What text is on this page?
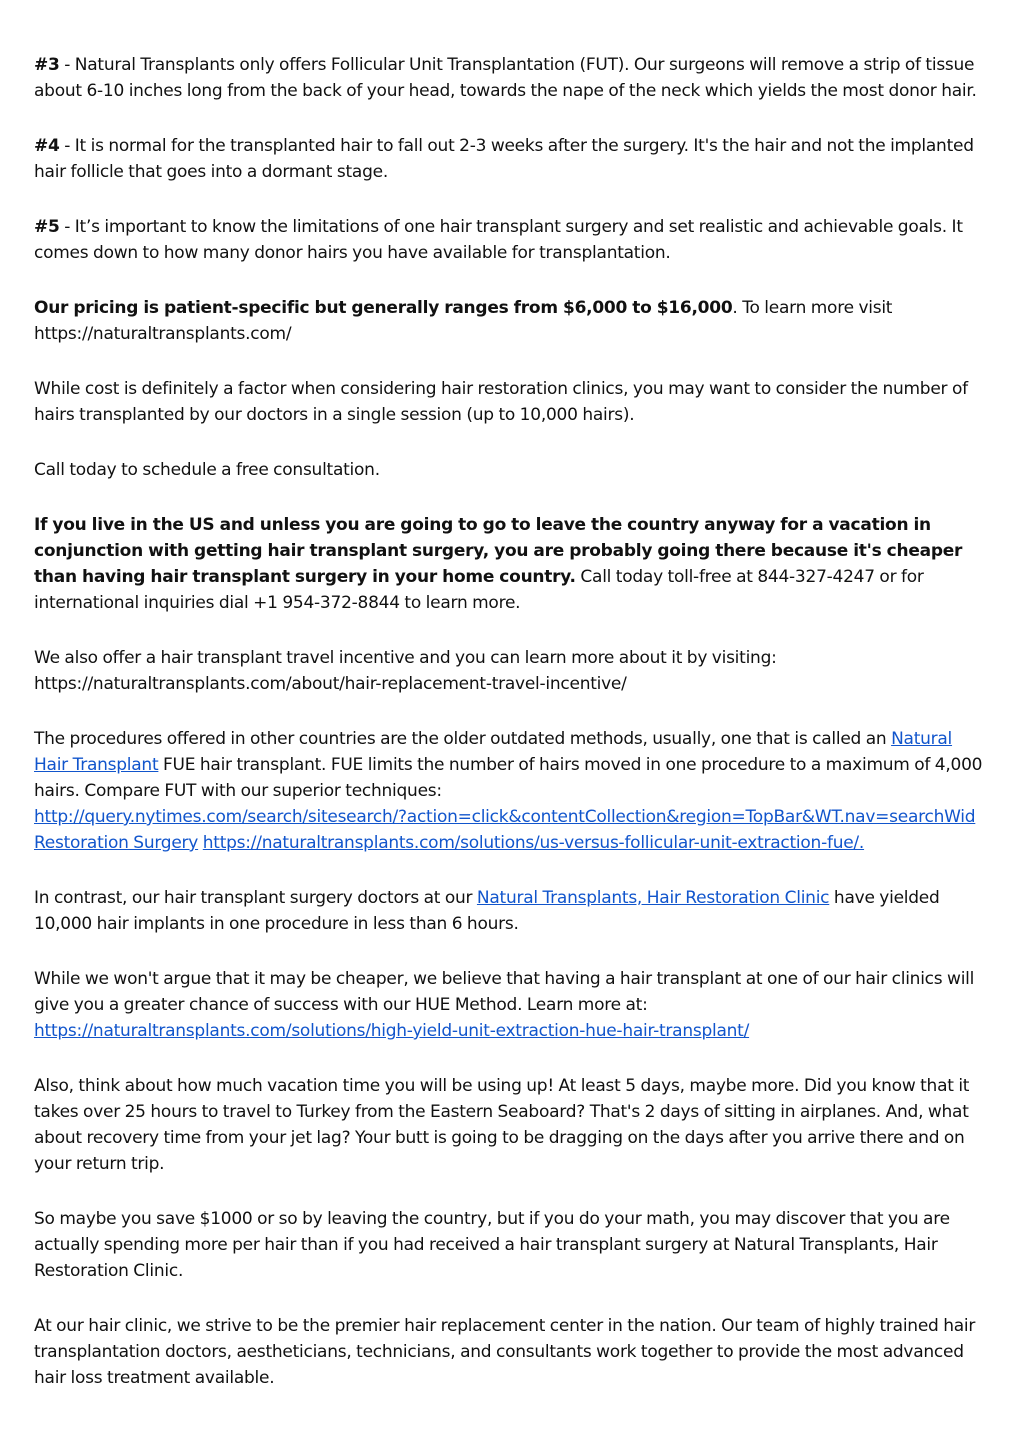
#3 - Natural Transplants only offers Follicular Unit Transplantation (FUT). Our surgeons will remove a strip of tissue about 6-10 inches long from the back of your head, towards the nape of the neck which yields the most donor hair.

#4 - It is normal for the transplanted hair to fall out 2-3 weeks after the surgery. It's the hair and not the implanted hair follicle that goes into a dormant stage.

#5 - It’s important to know the limitations of one hair transplant surgery and set realistic and achievable goals. It comes down to how many donor hairs you have available for transplantation.

Our pricing is patient-specific but generally ranges from $6,000 to $16,000. To learn more visit https://naturaltransplants.com/

While cost is definitely a factor when considering hair restoration clinics, you may want to consider the number of hairs transplanted by our doctors in a single session (up to 10,000 hairs).

Call today to schedule a free consultation.

If you live in the US and unless you are going to go to leave the country anyway for a vacation in conjunction with getting hair transplant surgery, you are probably going there because it's cheaper than having hair transplant surgery in your home country. Call today toll-free at 844-327-4247 or for international inquiries dial +1 954-372-8844 to learn more.

We also offer a hair transplant travel incentive and you can learn more about it by visiting: https://naturaltransplants.com/about/hair-replacement-travel-incentive/

The procedures offered in other countries are the older outdated methods, usually, one that is called an Natural Hair Transplant FUE hair transplant. FUE limits the number of hairs moved in one procedure to a maximum of 4,000 hairs. Compare FUT with our superior techniques:
http://query.nytimes.com/search/sitesearch/?action=click&contentCollection&region=TopBar&WT.nav=searchWid
Restoration Surgery https://naturaltransplants.com/solutions/us-versus-follicular-unit-extraction-fue/.

In contrast, our hair transplant surgery doctors at our Natural Transplants, Hair Restoration Clinic have yielded 10,000 hair implants in one procedure in less than 6 hours.

While we won't argue that it may be cheaper, we believe that having a hair transplant at one of our hair clinics will give you a greater chance of success with our HUE Method. Learn more at:
https://naturaltransplants.com/solutions/high-yield-unit-extraction-hue-hair-transplant/

Also, think about how much vacation time you will be using up! At least 5 days, maybe more. Did you know that it takes over 25 hours to travel to Turkey from the Eastern Seaboard? That's 2 days of sitting in airplanes. And, what about recovery time from your jet lag? Your butt is going to be dragging on the days after you arrive there and on your return trip.

So maybe you save $1000 or so by leaving the country, but if you do your math, you may discover that you are actually spending more per hair than if you had received a hair transplant surgery at Natural Transplants, Hair Restoration Clinic.

At our hair clinic, we strive to be the premier hair replacement center in the nation. Our team of highly trained hair transplantation doctors, aestheticians, technicians, and consultants work together to provide the most advanced hair loss treatment available.
